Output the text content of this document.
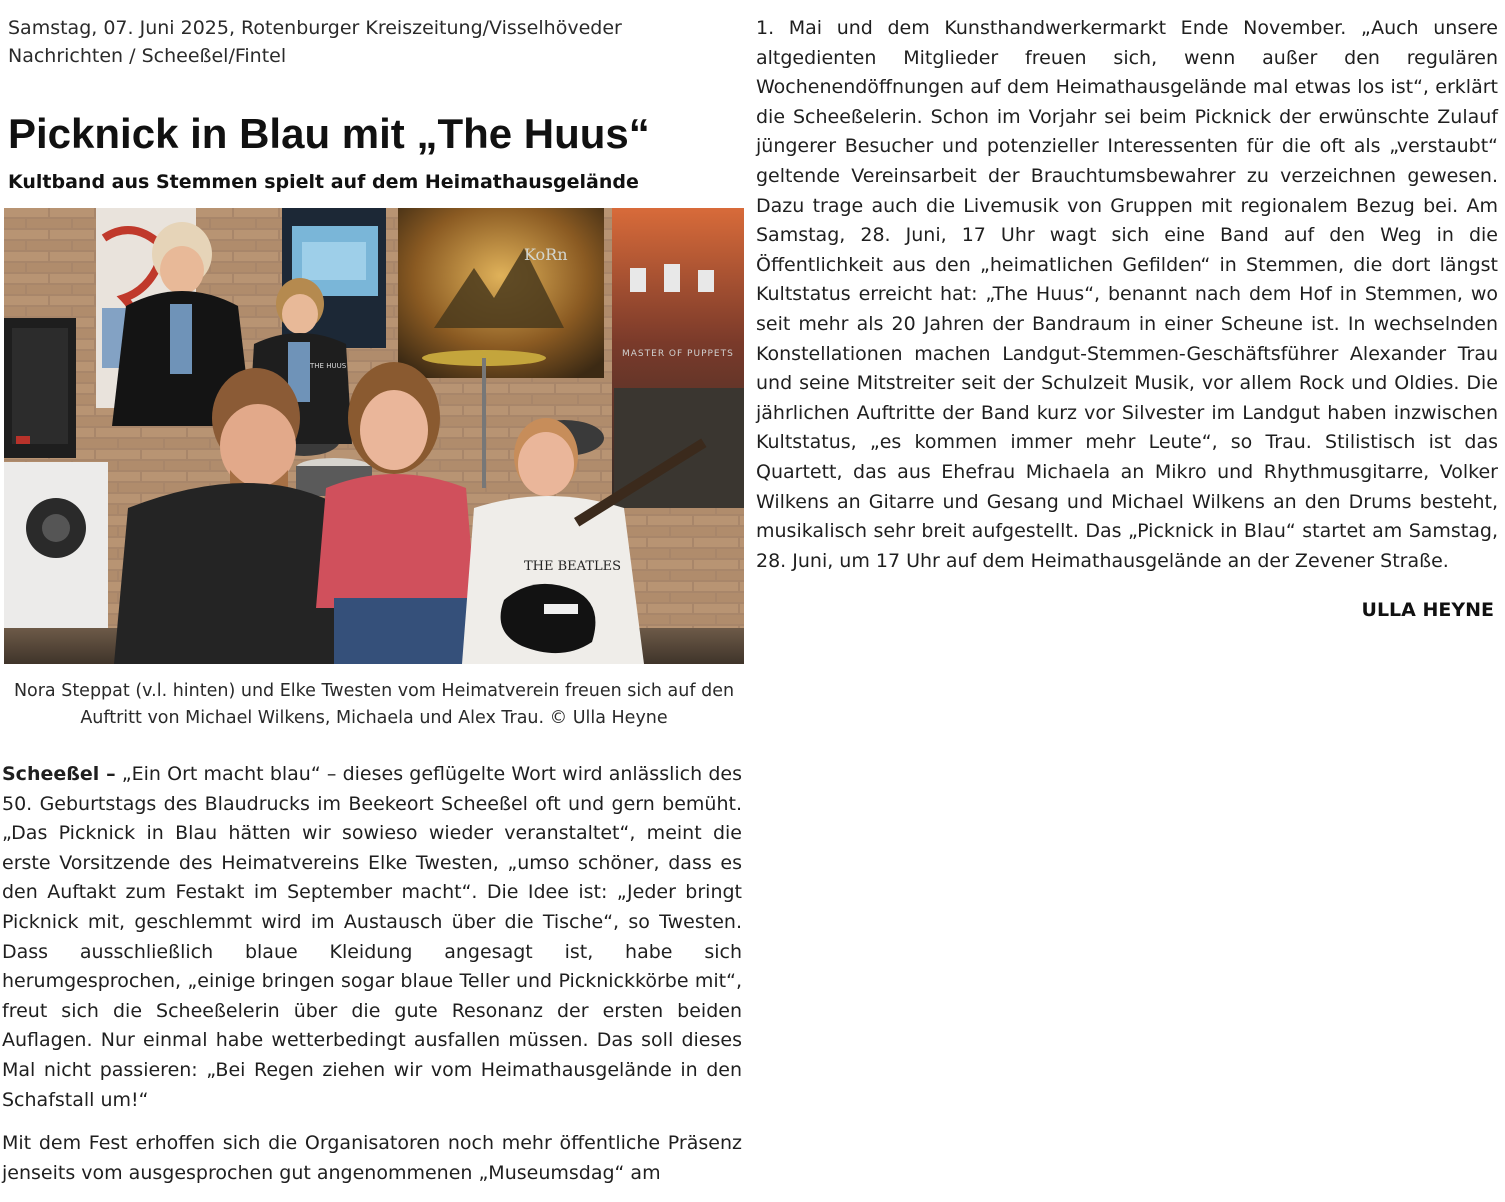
Samstag, 07. Juni 2025, Rotenburger Kreiszeitung/Visselhöveder Nachrichten / Scheeßel/Fintel
Picknick in Blau mit „The Huus“
Kultband aus Stemmen spielt auf dem Heimathausgelände
KoRn
MASTER OF PUPPETS
THE HUUS
THE BEATLES
Nora Steppat (v.l. hinten) und Elke Twesten vom Heimatverein freuen sich auf den Auftritt von Michael Wilkens, Michaela und Alex Trau. © Ulla Heyne

Scheeßel – „Ein Ort macht blau“ – dieses geflügelte Wort wird anlässlich des 50. Geburtstags des Blaudrucks im Beekeort Scheeßel oft und gern bemüht. „Das Picknick in Blau hätten wir sowieso wieder veranstaltet“, meint die erste Vorsitzende des Heimatvereins Elke Twesten, „umso schöner, dass es den Auftakt zum Festakt im September macht“. Die Idee ist: „Jeder bringt Picknick mit, geschlemmt wird im Austausch über die Tische“, so Twesten. Dass ausschließlich blaue Kleidung angesagt ist, habe sich herumgesprochen, „einige bringen sogar blaue Teller und Picknickkörbe mit“, freut sich die Scheeßelerin über die gute Resonanz der ersten beiden Auflagen. Nur einmal habe wetterbedingt ausfallen müssen. Das soll dieses Mal nicht passieren: „Bei Regen ziehen wir vom Heimathausgelände in den Schafstall um!“

Mit dem Fest erhoffen sich die Organisatoren noch mehr öffentliche Präsenz jenseits vom ausgesprochen gut angenommenen „Museumsdag“ am

1. Mai und dem Kunsthandwerkermarkt Ende November. „Auch unsere altgedienten Mitglieder freuen sich, wenn außer den regulären Wochenendöffnungen auf dem Heimathausgelände mal etwas los ist“, erklärt die Scheeßelerin. Schon im Vorjahr sei beim Picknick der erwünschte Zulauf jüngerer Besucher und potenzieller Interessenten für die oft als „verstaubt“ geltende Vereinsarbeit der Brauchtumsbewahrer zu verzeichnen gewesen. Dazu trage auch die Livemusik von Gruppen mit regionalem Bezug bei. Am Samstag, 28. Juni, 17 Uhr wagt sich eine Band auf den Weg in die Öffentlichkeit aus den „heimatlichen Gefilden“ in Stemmen, die dort längst Kultstatus erreicht hat: „The Huus“, benannt nach dem Hof in Stemmen, wo seit mehr als 20 Jahren der Bandraum in einer Scheune ist. In wechselnden Konstellationen machen Landgut-Stemmen-Geschäftsführer Alexander Trau und seine Mitstreiter seit der Schulzeit Musik, vor allem Rock und Oldies. Die jährlichen Auftritte der Band kurz vor Silvester im Landgut haben inzwischen Kultstatus, „es kommen immer mehr Leute“, so Trau. Stilistisch ist das Quartett, das aus Ehefrau Michaela an Mikro und Rhythmusgitarre, Volker Wilkens an Gitarre und Gesang und Michael Wilkens an den Drums besteht, musikalisch sehr breit aufgestellt. Das „Picknick in Blau“ startet am Samstag, 28. Juni, um 17 Uhr auf dem Heimathausgelände an der Zevener Straße.

ULLA HEYNE
